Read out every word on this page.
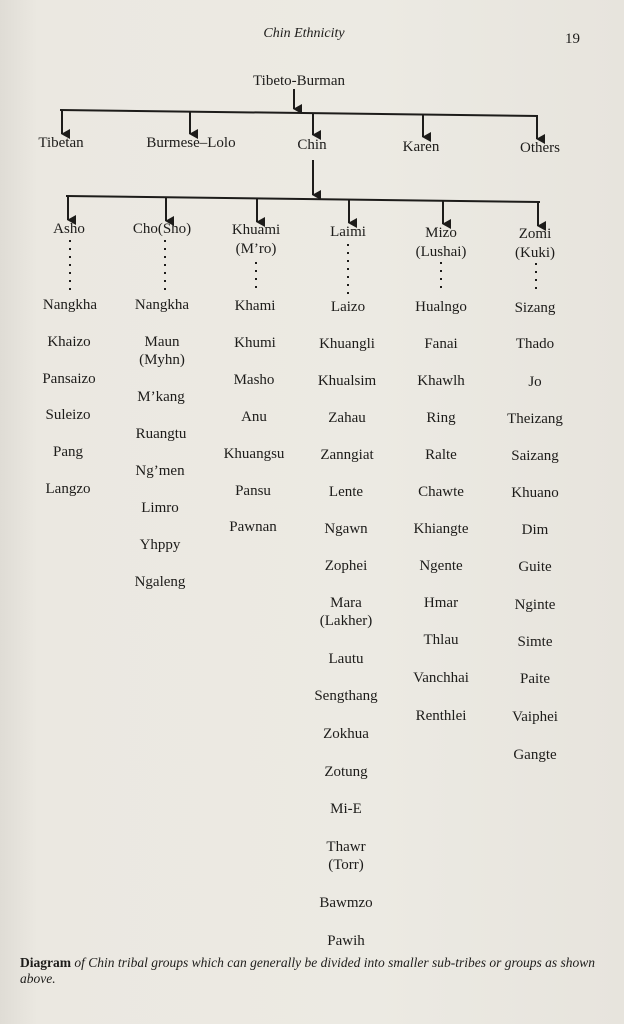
Chin Ethnicity	19
Tibeto-Burman
Tibetan	Burmese–Lolo	Chin	Karen	Others
Asho	Cho(Sho)	Khuami
(M’ro)
Laimi	Mizo
(Lushai)
Zomi
(Kuki)
Nangkha
Khaizo
Pansaizo
Suleizo
Pang
Langzo
Nangkha
Maun
(Myhn)
M’kang
Ruangtu
Ng’men
Limro
Yhppy
Ngaleng
Khami
Khumi
Masho
Anu
Khuangsu
Pansu
Pawnan
Laizo
Khuangli
Khualsim
Zahau
Zanngiat
Lente
Ngawn
Zophei
Mara
(Lakher)
Lautu
Sengthang
Zokhua
Zotung
Mi-E
Thawr
(Torr)
Bawmzo
Pawih
Hualngo
Fanai
Khawlh
Ring
Ralte
Chawte
Khiangte
Ngente
Hmar
Thlau
Vanchhai
Renthlei
Sizang
Thado
Jo
Theizang
Saizang
Khuano
Dim
Guite
Nginte
Simte
Paite
Vaiphei
Gangte
Diagram of Chin tribal groups which can generally be divided into smaller sub-tribes or groups as shown above.
